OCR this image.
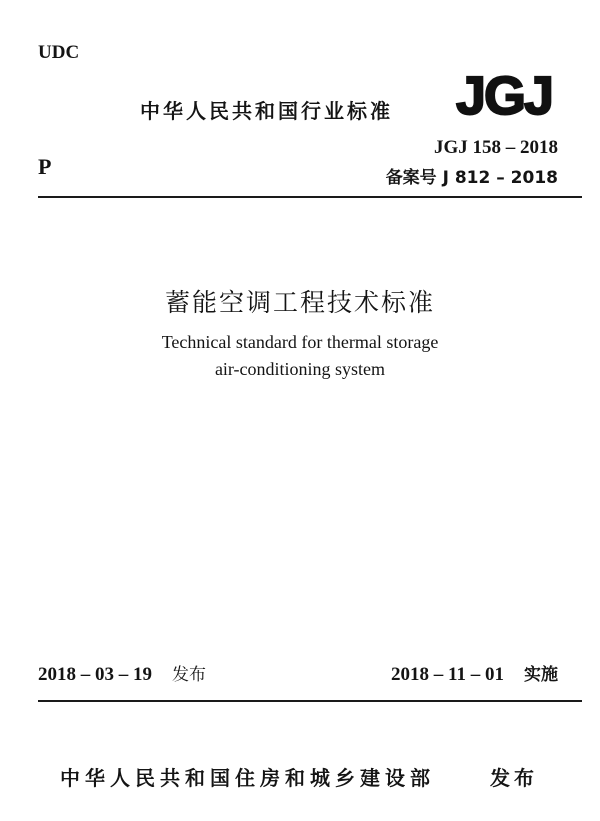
UDC
P
中华人民共和国行业标准 JGJ
JGJ 158 – 2018
备案号 J 812 – 2018
蓄能空调工程技术标准
Technical standard for thermal storage
air-conditioning system
2018 – 03 – 19 发布	2018 – 11 – 01 实施
中华人民共和国住房和城乡建设部	发布
